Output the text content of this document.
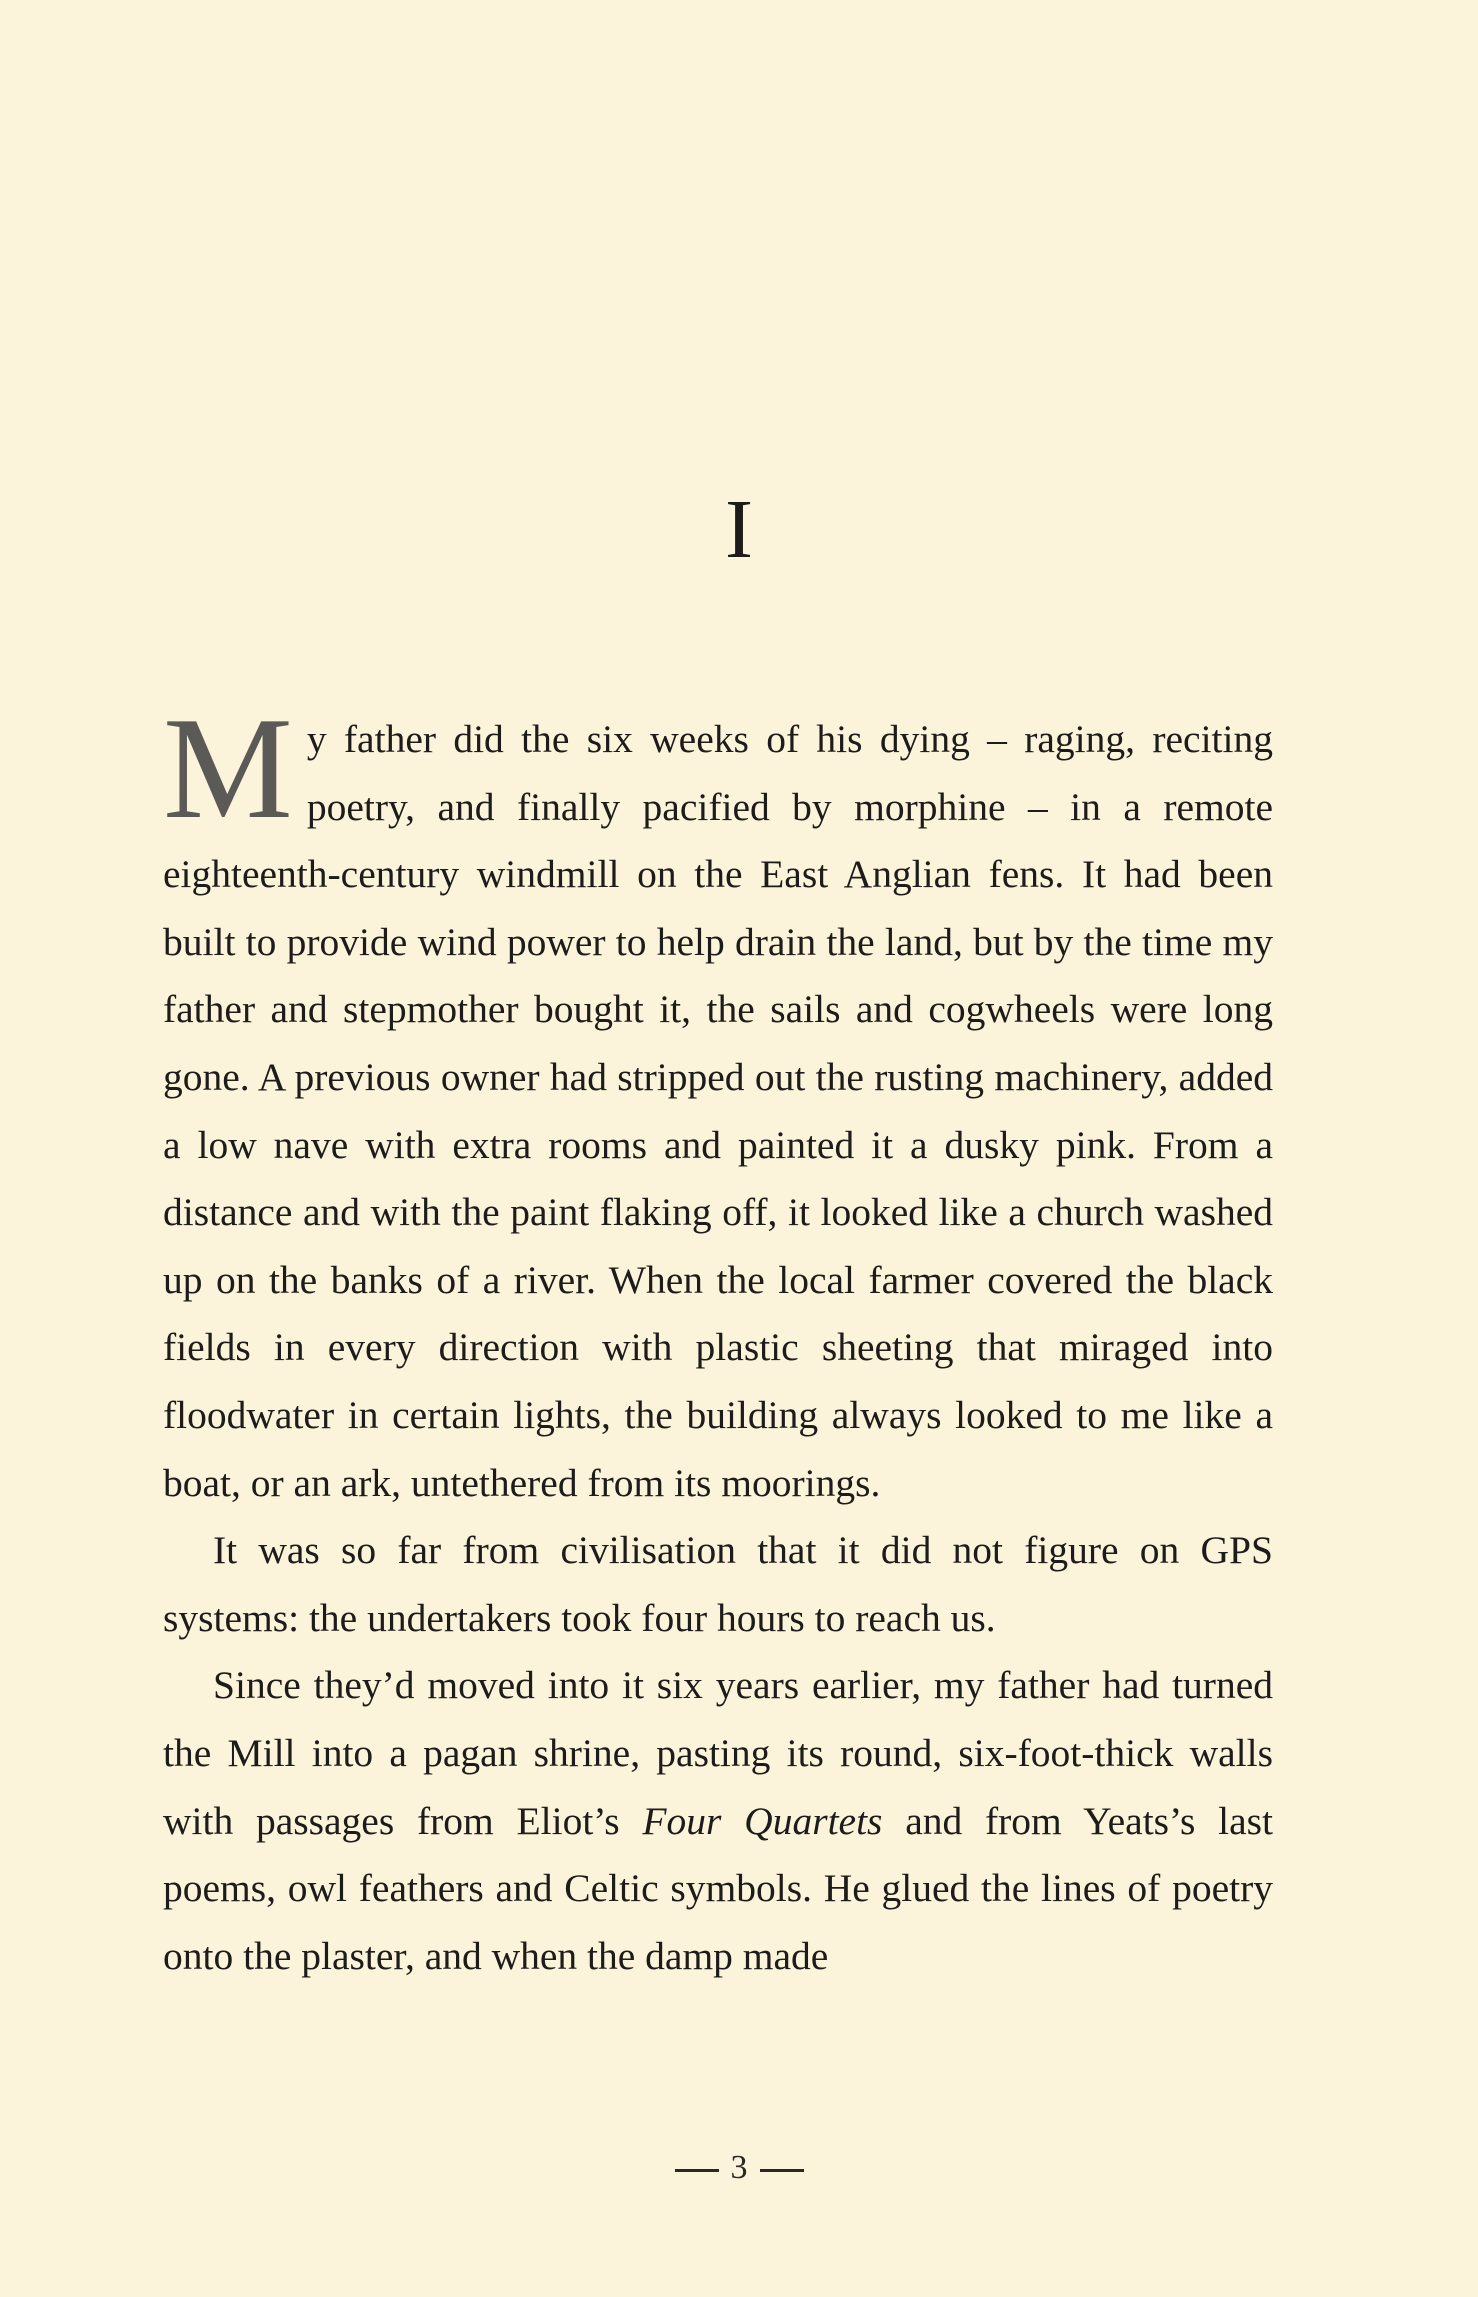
I

My father did the six weeks of his dying – raging, reciting poetry, and finally pacified by morphine – in a remote eighteenth-century windmill on the East Anglian fens. It had been built to provide wind power to help drain the land, but by the time my father and stepmother bought it, the sails and cogwheels were long gone. A previous owner had stripped out the rusting machinery, added a low nave with extra rooms and painted it a dusky pink. From a distance and with the paint flaking off, it looked like a church washed up on the banks of a river. When the local farmer covered the black fields in every direction with plastic sheeting that miraged into floodwater in certain lights, the building always looked to me like a boat, or an ark, untethered from its moorings.

It was so far from civilisation that it did not figure on GPS systems: the undertakers took four hours to reach us.

Since they’d moved into it six years earlier, my father had turned the Mill into a pagan shrine, pasting its round, six-foot-thick walls with passages from Eliot’s Four Quartets and from Yeats’s last poems, owl feathers and Celtic symbols. He glued the lines of poetry onto the plaster, and when the damp made

3
